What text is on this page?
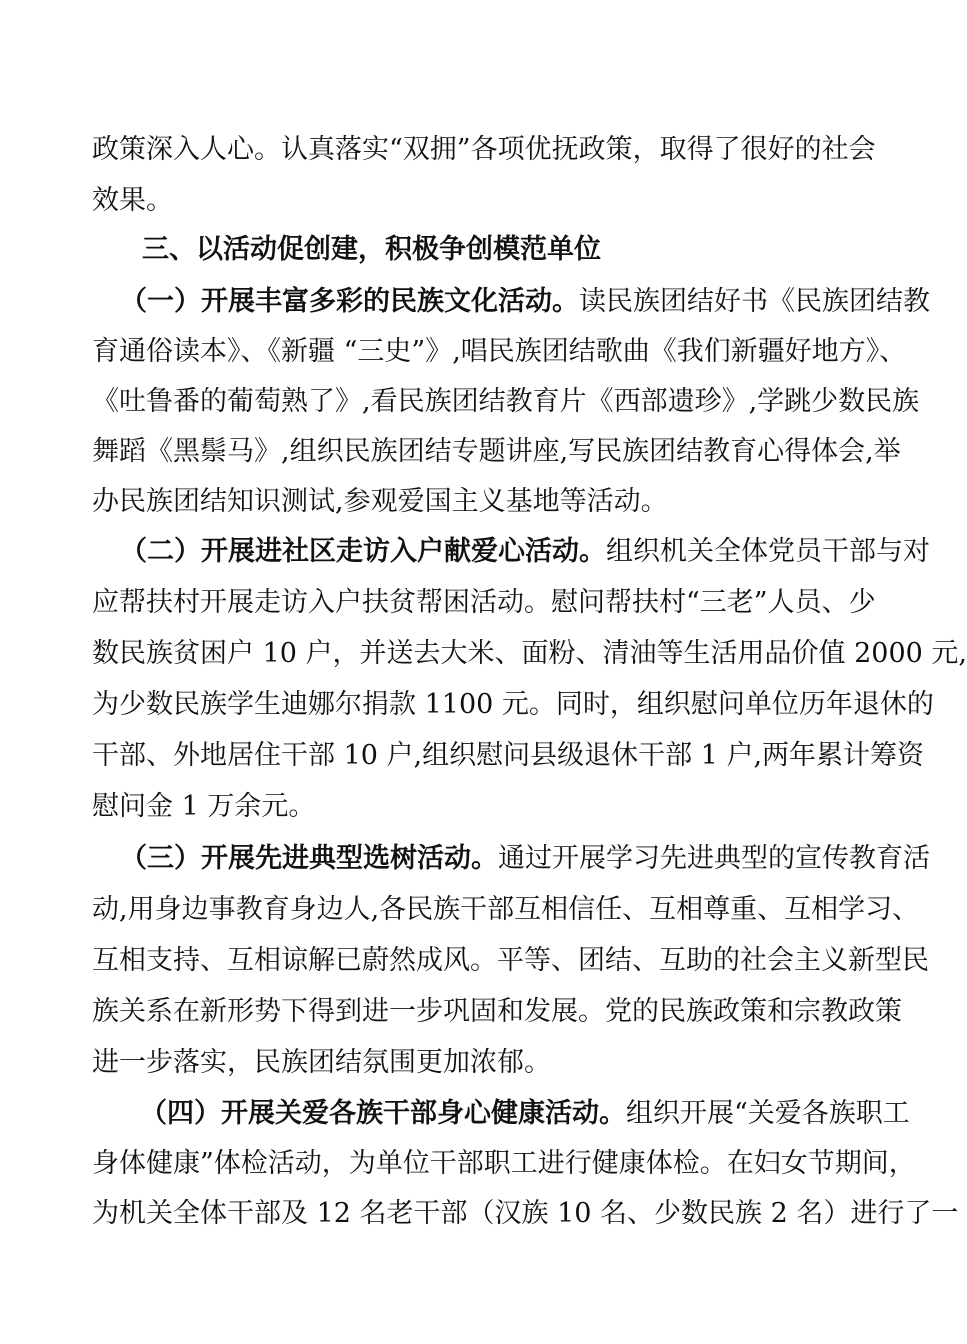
政策深入人心。认真落实“双拥”各项优抚政策，取得了很好的社会
效果。
三、以活动促创建，积极争创模范单位
（一）开展丰富多彩的民族文化活动。读民族团结好书《民族团结教
育通俗读本》、《新疆 “三史”》,唱民族团结歌曲《我们新疆好地方》、
《吐鲁番的葡萄熟了》,看民族团结教育片《西部遗珍》,学跳少数民族
舞蹈《黑鬃马》,组织民族团结专题讲座,写民族团结教育心得体会,举
办民族团结知识测试,参观爱国主义基地等活动。
（二）开展进社区走访入户献爱心活动。组织机关全体党员干部与对
应帮扶村开展走访入户扶贫帮困活动。慰问帮扶村“三老”人员、少
数民族贫困户 10 户，并送去大米、面粉、清油等生活用品价值 2000 元,
为少数民族学生迪娜尔捐款 1100 元。同时，组织慰问单位历年退休的
干部、外地居住干部 10 户,组织慰问县级退休干部 1 户,两年累计筹资
慰问金 1 万余元。
（三）开展先进典型选树活动。通过开展学习先进典型的宣传教育活
动,用身边事教育身边人,各民族干部互相信任、互相尊重、互相学习、
互相支持、互相谅解已蔚然成风。平等、团结、互助的社会主义新型民
族关系在新形势下得到进一步巩固和发展。党的民族政策和宗教政策
进一步落实，民族团结氛围更加浓郁。
（四）开展关爱各族干部身心健康活动。组织开展“关爱各族职工
身体健康”体检活动，为单位干部职工进行健康体检。在妇女节期间，
为机关全体干部及 12 名老干部（汉族 10 名、少数民族 2 名）进行了一
